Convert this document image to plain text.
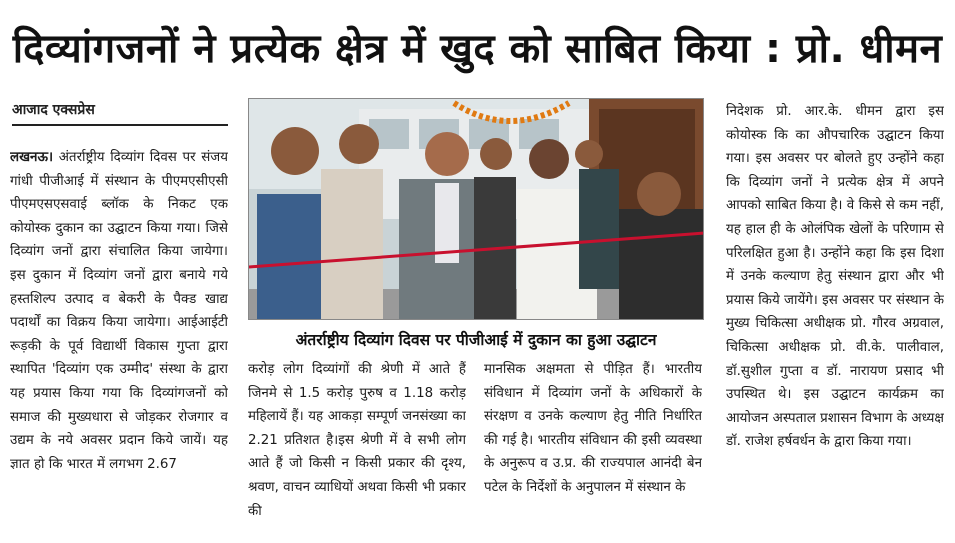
दिव्यांगजनों ने प्रत्येक क्षेत्र में खुद को साबित किया : प्रो. धीमन
आजाद एक्सप्रेस
लखनऊ। अंतर्राष्ट्रीय दिव्यांग दिवस पर संजय गांधी पीजीआई में संस्थान के पीएमएसीएसी पीएमएसएसवाई ब्लॉक के निकट एक कोयोस्क दुकान का उद्घाटन किया गया। जिसे दिव्यांग जनों द्वारा संचालित किया जायेगा। इस दुकान में दिव्यांग जनों द्वारा बनाये गये हस्तशिल्प उत्पाद व बेकरी के पैक्ड खाद्य पदार्थों का विक्रय किया जायेगा। आईआईटी रूड़की के पूर्व विद्यार्थी विकास गुप्ता द्वारा स्थापित 'दिव्यांग एक उम्मीद' संस्था के द्वारा यह प्रयास किया गया कि दिव्यांगजनों को समाज की मुख्यधारा से जोड़कर रोजगार व उद्यम के नये अवसर प्रदान किये जायें। यह ज्ञात हो कि भारत में लगभग 2.67
अंतर्राष्ट्रीय दिव्यांग दिवस पर पीजीआई में दुकान का हुआ उद्घाटन
करोड़ लोग दिव्यांगों की श्रेणी में आते हैं जिनमे से 1.5 करोड़ पुरुष व 1.18 करोड़ महिलायें हैं। यह आकड़ा सम्पूर्ण जनसंख्या का 2.21 प्रतिशत है।इस श्रेणी में वे सभी लोग आते हैं जो किसी न किसी प्रकार की दृश्य, श्रवण, वाचन व्याधियों अथवा किसी भी प्रकार की
मानसिक अक्षमता से पीड़ित हैं। भारतीय संविधान में दिव्यांग जनों के अधिकारों के संरक्षण व उनके कल्याण हेतु नीति निर्धारित की गई है। भारतीय संविधान की इसी व्यवस्था के अनुरूप व उ.प्र. की राज्यपाल आनंदी बेन पटेल के निर्देशों के अनुपालन में संस्थान के
निदेशक प्रो. आर.के. धीमन द्वारा इस कोयोस्क कि का औपचारिक उद्घाटन किया गया। इस अवसर पर बोलते हुए उन्होंने कहा कि दिव्यांग जनों ने प्रत्येक क्षेत्र में अपने आपको साबित किया है। वे किसे से कम नहीं, यह हाल ही के ओलंपिक खेलों के परिणाम से परिलक्षित हुआ है। उन्होंने कहा कि इस दिशा में उनके कल्याण हेतु संस्थान द्वारा और भी प्रयास किये जायेंगे। इस अवसर पर संस्थान के मुख्य चिकित्सा अधीक्षक प्रो. गौरव अग्रवाल, चिकित्सा अधीक्षक प्रो. वी.के. पालीवाल, डॉ.सुशील गुप्ता व डॉ. नारायण प्रसाद भी उपस्थित थे। इस उद्घाटन कार्यक्रम का आयोजन अस्पताल प्रशासन विभाग के अध्यक्ष डॉ. राजेश हर्षवर्धन के द्वारा किया गया।
